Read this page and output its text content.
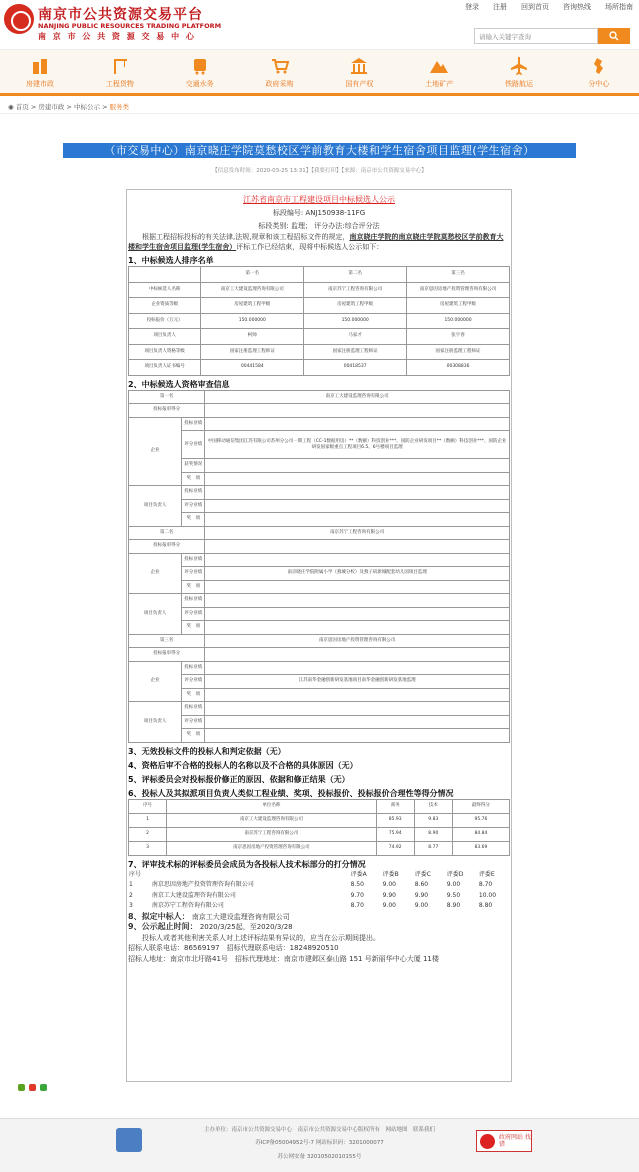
南京市公共资源交易平台
NANJING PUBLIC RESOURCES TRADING PLATFORM
南 京 市 公 共 资 源 交 易 中 心
登录 注册 回到首页 咨询热线 场所指南
请输入关键字查询
房建市政	工程货物	交通水务	政府采购	国有产权	土地矿产	铁路航运	分中心
◉ 首页 > 房建市政 > 中标公示 > 服务类
（市交易中心）南京晓庄学院莫愁校区学前教育大楼和学生宿舍项目监理(学生宿舍）
【信息发布时间：2020-03-25 13:31】【我要打印】【来源：南京市公共资源交易中心】
江苏省南京市工程建设项目中标候选人公示
标段编号: ANJ150938-11FG
标段类别: 监理； 评分办法:综合评分法
根据工程招标投标的有关法律,法规,规章和该工程招标文件的规定，南京晓庄学院的南京晓庄学院莫愁校区学前教育大楼和学生宿舍项目监理(学生宿舍）评标工作已经结束，现将中标候选人公示如下：
1、中标候选人排序名单
	第一名	第二名	第三名
中标候选人名称	南京工大建设监理咨询有限公司	南京苏宁工程咨询有限公司	南京思因房地产投资管理咨询有限公司
企业资质等级	房屋建筑工程甲级	房屋建筑工程甲级	房屋建筑工程甲级
投标报价（万元）	150.000000	150.000000	150.000000
项目负责人	柯帅	马家才	张宇春
项目负责人资格等级	国家注册监理工程师证	国家注册监理工程师证	国家注册监理工程师证
项目负责人证书编号	00441584	00418537	00308836
2、中标候选人资格审查信息
第一名		南京工大建设监理咨询有限公司
投标报审得分		
企业	投标业绩	
	评分业绩	中国移动通信集团江苏有限公司苏州分公司一期工程（CC-1数据用房）**（数额）科技创业***、国防企业研发项目**（数额）科技创业***、国防企业研发国家级重点工程项目6.5、6号楼项目监理
	获奖情况	
	奖　项	
项目负责人	投标业绩	
	评分业绩	
	奖　项	
第二名		南京苏宁工程咨询有限公司
投标报审得分		
企业	投标业绩	
	评分业绩	南京晓庄学院附属小学（燕城分校）及燕子矶新城配套幼儿园项目监理
	奖　项	
项目负责人	投标业绩	
	评分业绩	
	奖　项	
第三名		南京思因房地产投资管理咨询有限公司
投标报审得分		
企业	投标业绩	
	评分业绩	江苏南华金融创新研发基地项目南华金融创新研发基地监理
	奖　项	
项目负责人	投标业绩	
	评分业绩	
	奖　项	
3、无效投标文件的投标人和判定依据（无）
4、资格后审不合格的投标人的名称以及不合格的具体原因（无）
5、评标委员会对投标报价修正的原因、依据和修正结果（无）
6、投标人及其拟派项目负责人类似工程业绩、奖项、投标报价、投标报价合理性等得分情况
序号	单位名称	商务	技术	最终得分
1	南京工大建设监理咨询有限公司	85.93	9.83	95.76
2	南京苏宁工程咨询有限公司	75.94	8.90	84.84
3	南京思因房地产投资管理咨询有限公司	74.92	8.77	83.69
7、评审技术标的评标委员会成员为各投标人技术标部分的打分情况
序号		评委A	评委B	评委C	评委D	评委E
1	南京思因房地产投资管理咨询有限公司	8.50	9.00	8.60	9.00	8.70
2	南京工大建设监理咨询有限公司	9.70	9.90	9.90	9.50	10.00
3	南京苏宁工程咨询有限公司	8.70	9.00	9.00	8.90	8.80
8、拟定中标人： 南京工大建设监理咨询有限公司
9、公示起止时间： 2020/3/25起，至2020/3/28
投标人或者其他利害关系人对上述评标结果有异议的，应当在公示期间提出。
招标人联系电话：86569197　招标代理联系电话：18248920510
招标人地址：南京市北圩路41号　招标代理地址：南京市建邺区泰山路 151 号新丽华中心大厦 11楼
主办单位：南京市公共资源交易中心　南京市公共资源交易中心版权所有　网站地图　联系我们
苏ICP备05004952号-7 网站标识码：3201000077
苏公网安备 32010502010155号
政府网站 找错
